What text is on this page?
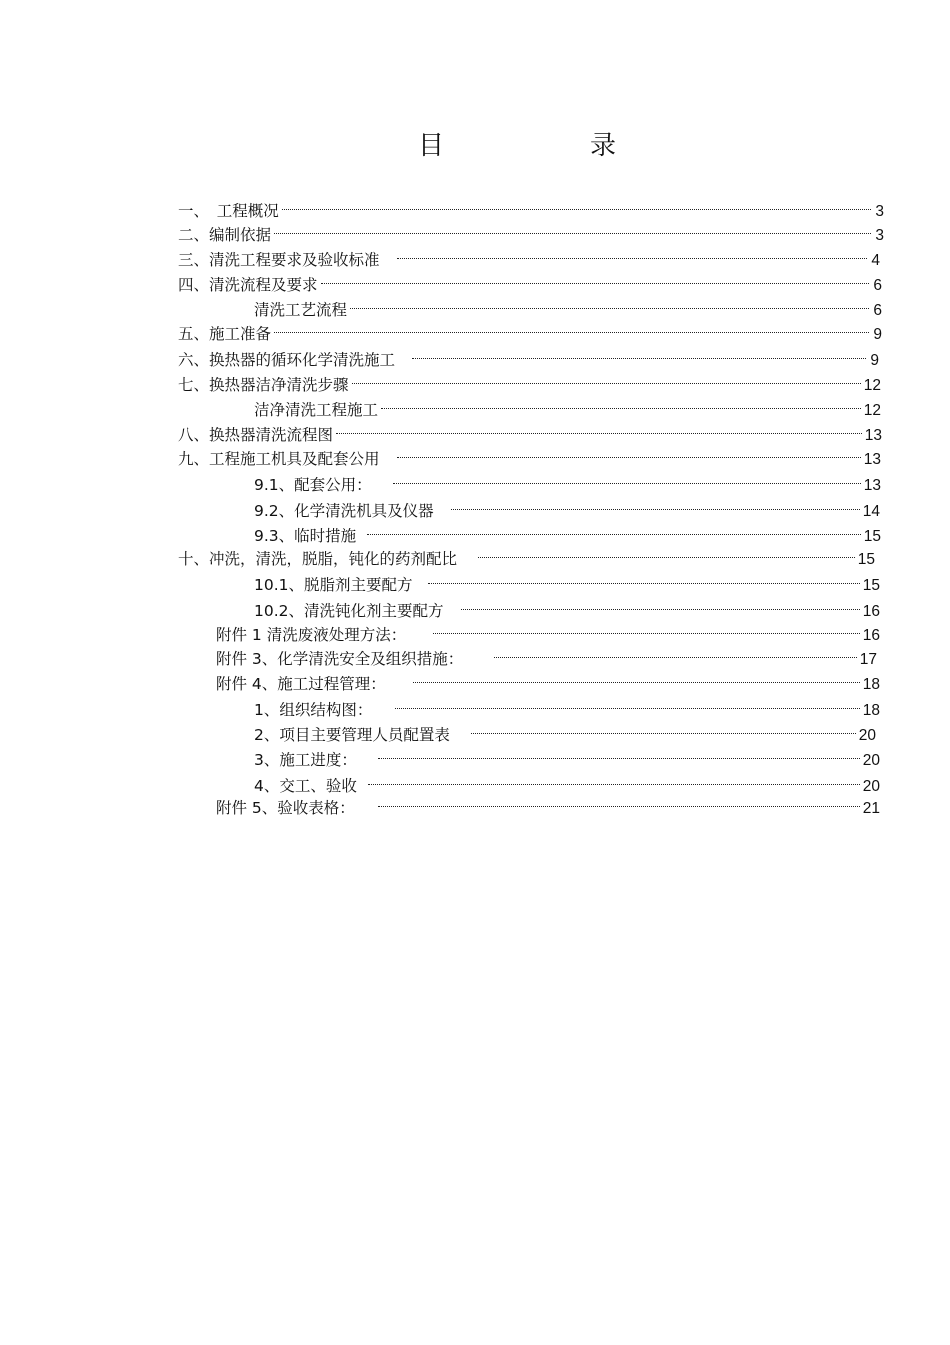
目	录
一、　工程概况	3
二、编制依据	3
三、清洗工程要求及验收标准	4
四、清洗流程及要求	6
清洗工艺流程	6
五、施工准备	9
六、换热器的循环化学清洗施工	9
七、换热器洁净清洗步骤	12
洁净清洗工程施工	12
八、换热器清洗流程图	13
九、工程施工机具及配套公用	13
9.1、配套公用：	13
9.2、化学清洗机具及仪器	14
9.3、临时措施	15
十、冲洗，清洗，脱脂，钝化的药剂配比	15
10.1、脱脂剂主要配方	15
10.2、清洗钝化剂主要配方	16
附件 1 清洗废液处理方法：	16
附件 3、化学清洗安全及组织措施：	17
附件 4、施工过程管理：	18
1、组织结构图：	18
2、项目主要管理人员配置表	20
3、施工进度：	20
4、交工、验收	20
附件 5、验收表格：	21
